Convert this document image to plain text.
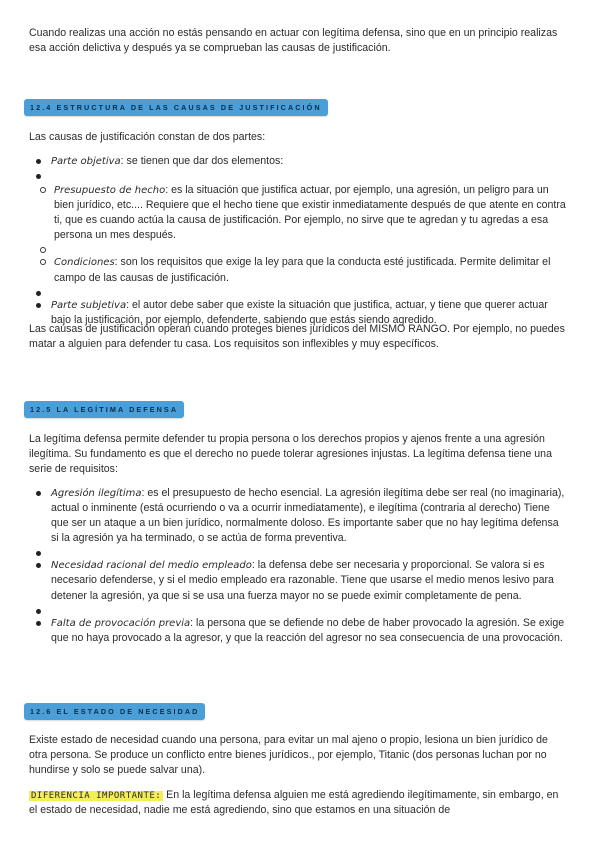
Cuando realizas una acción no estás pensando en actuar con legítima defensa, sino que en un principio realizas esa acción delictiva y después ya se comprueban las causas de justificación.

12.4 ESTRUCTURA DE LAS CAUSAS DE JUSTIFICACIÓN

Las causas de justificación constan de dos partes:

Parte objetiva: se tienen que dar dos elementos:
Presupuesto de hecho: es la situación que justifica actuar, por ejemplo, una agresión, un peligro para un bien jurídico, etc.... Requiere que el hecho tiene que existir inmediatamente después de que atente en contra ti, que es cuando actúa la causa de justificación. Por ejemplo, no sirve que te agredan y tu agredas a esa persona un mes después.
Condiciones: son los requisitos que exige la ley para que la conducta esté justificada. Permite delimitar el campo de las causas de justificación.
Parte subjetiva: el autor debe saber que existe la situación que justifica, actuar, y tiene que querer actuar bajo la justificación, por ejemplo, defenderte, sabiendo que estás siendo agredido.

Las causas de justificación operan cuando proteges bienes jurídicos del MISMO RANGO. Por ejemplo, no puedes matar a alguien para defender tu casa. Los requisitos son inflexibles y muy específicos.

12.5 LA LEGÍTIMA DEFENSA

La legítima defensa permite defender tu propia persona o los derechos propios y ajenos frente a una agresión ilegítima. Su fundamento es que el derecho no puede tolerar agresiones injustas. La legítima defensa tiene una serie de requisitos:

Agresión ilegítima: es el presupuesto de hecho esencial. La agresión ilegítima debe ser real (no imaginaria), actual o inminente (está ocurriendo o va a ocurrir inmediatamente), e ilegítima (contraria al derecho) Tiene que ser un ataque a un bien jurídico, normalmente doloso. Es importante saber que no hay legítima defensa si la agresión ya ha terminado, o se actúa de forma preventiva.
Necesidad racional del medio empleado: la defensa debe ser necesaria y proporcional. Se valora si es necesario defenderse, y si el medio empleado era razonable. Tiene que usarse el medio menos lesivo para detener la agresión, ya que si se usa una fuerza mayor no se puede eximir completamente de pena.
Falta de provocación previa: la persona que se defiende no debe de haber provocado la agresión. Se exige que no haya provocado a la agresor, y que la reacción del agresor no sea consecuencia de una provocación.
12.6 EL ESTADO DE NECESIDAD

Existe estado de necesidad cuando una persona, para evitar un mal ajeno o propio, lesiona un bien jurídico de otra persona. Se produce un conflicto entre bienes jurídicos., por ejemplo, Titanic (dos personas luchan por no hundirse y solo se puede salvar una).

DIFERENCIA IMPORTANTE: En la legítima defensa alguien me está agrediendo ilegítimamente, sin embargo, en el estado de necesidad, nadie me está agrediendo, sino que estamos en una situación de
